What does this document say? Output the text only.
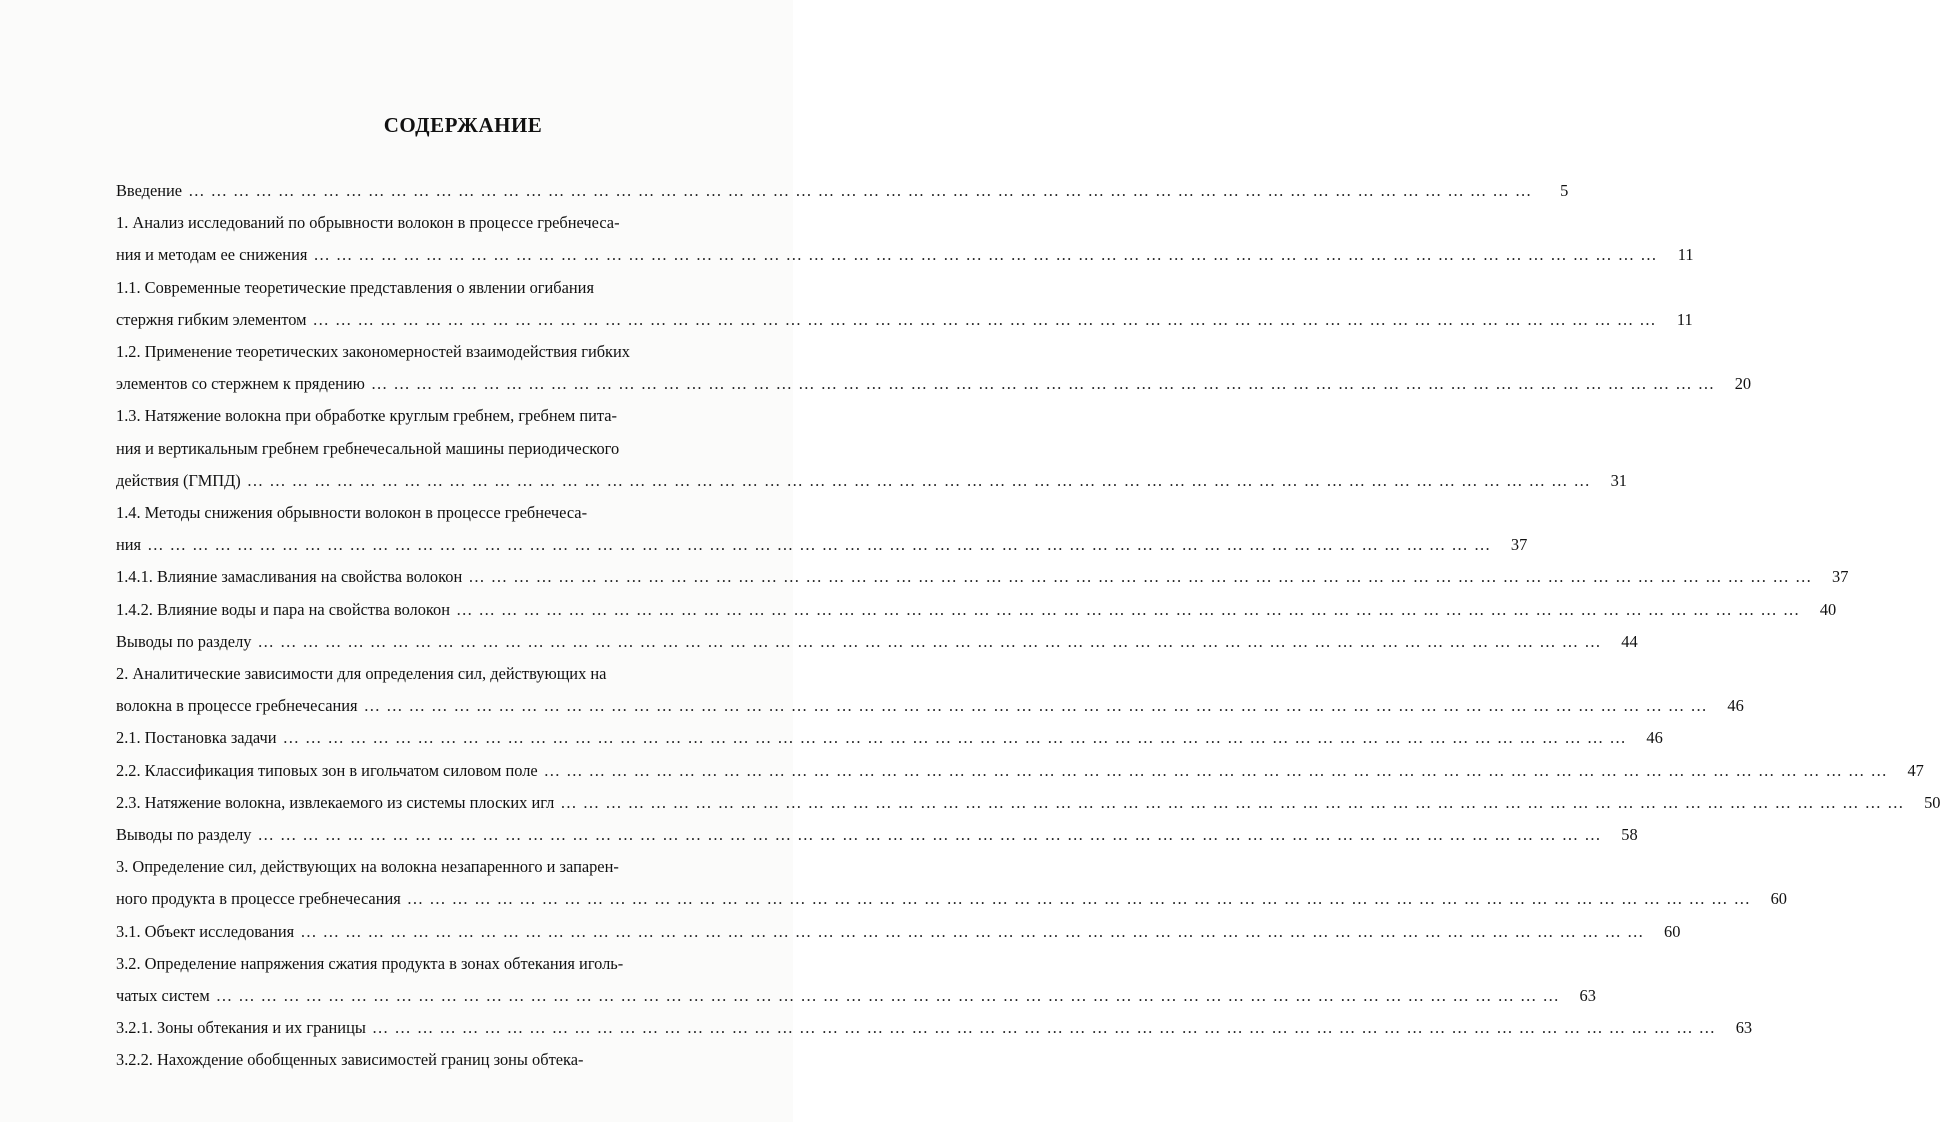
СОДЕРЖАНИЕ
Введение … … … … … … … … … … … … … … … … … … … … … … … … … … … … … … … … … … … … … … … … … … … … … … … … … … … … … … … … … … … …	5
1. Анализ исследований по обрывности волокон в процессе гребнечеса-
ния и методам ее снижения … … … … … … … … … … … … … … … … … … … … … … … … … … … … … … … … … … … … … … … … … … … … … … … … … … … … … … … … … … … …	11
1.1. Современные теоретические представления о явлении огибания
стержня гибким элементом … … … … … … … … … … … … … … … … … … … … … … … … … … … … … … … … … … … … … … … … … … … … … … … … … … … … … … … … … … … …	11
1.2. Применение теоретических закономерностей взаимодействия гибких
элементов со стержнем к прядению … … … … … … … … … … … … … … … … … … … … … … … … … … … … … … … … … … … … … … … … … … … … … … … … … … … … … … … … … … … …	20
1.3. Натяжение волокна при обработке круглым гребнем, гребнем пита-
ния и вертикальным гребнем гребнечесальной машины периодического
действия (ГМПД) … … … … … … … … … … … … … … … … … … … … … … … … … … … … … … … … … … … … … … … … … … … … … … … … … … … … … … … … … … … …	31
1.4. Методы снижения обрывности волокон в процессе гребнечеса-
ния … … … … … … … … … … … … … … … … … … … … … … … … … … … … … … … … … … … … … … … … … … … … … … … … … … … … … … … … … … … …	37
1.4.1. Влияние замасливания на свойства волокон … … … … … … … … … … … … … … … … … … … … … … … … … … … … … … … … … … … … … … … … … … … … … … … … … … … … … … … … … … … …	37
1.4.2. Влияние воды и пара на свойства волокон … … … … … … … … … … … … … … … … … … … … … … … … … … … … … … … … … … … … … … … … … … … … … … … … … … … … … … … … … … … …	40
Выводы по разделу … … … … … … … … … … … … … … … … … … … … … … … … … … … … … … … … … … … … … … … … … … … … … … … … … … … … … … … … … … … …	44
2. Аналитические зависимости для определения сил, действующих на
волокна в процессе гребнечесания … … … … … … … … … … … … … … … … … … … … … … … … … … … … … … … … … … … … … … … … … … … … … … … … … … … … … … … … … … … …	46
2.1. Постановка задачи … … … … … … … … … … … … … … … … … … … … … … … … … … … … … … … … … … … … … … … … … … … … … … … … … … … … … … … … … … … …	46
2.2. Классификация типовых зон в игольчатом силовом поле … … … … … … … … … … … … … … … … … … … … … … … … … … … … … … … … … … … … … … … … … … … … … … … … … … … … … … … … … … … …	47
2.3. Натяжение волокна, извлекаемого из системы плоских игл … … … … … … … … … … … … … … … … … … … … … … … … … … … … … … … … … … … … … … … … … … … … … … … … … … … … … … … … … … … …	50
Выводы по разделу … … … … … … … … … … … … … … … … … … … … … … … … … … … … … … … … … … … … … … … … … … … … … … … … … … … … … … … … … … … …	58
3. Определение сил, действующих на волокна незапаренного и запарен-
ного продукта в процессе гребнечесания … … … … … … … … … … … … … … … … … … … … … … … … … … … … … … … … … … … … … … … … … … … … … … … … … … … … … … … … … … … …	60
3.1. Объект исследования … … … … … … … … … … … … … … … … … … … … … … … … … … … … … … … … … … … … … … … … … … … … … … … … … … … … … … … … … … … …	60
3.2. Определение напряжения сжатия продукта в зонах обтекания иголь-
чатых систем … … … … … … … … … … … … … … … … … … … … … … … … … … … … … … … … … … … … … … … … … … … … … … … … … … … … … … … … … … … …	63
3.2.1. Зоны обтекания и их границы … … … … … … … … … … … … … … … … … … … … … … … … … … … … … … … … … … … … … … … … … … … … … … … … … … … … … … … … … … … …	63
3.2.2. Нахождение обобщенных зависимостей границ зоны обтека-
